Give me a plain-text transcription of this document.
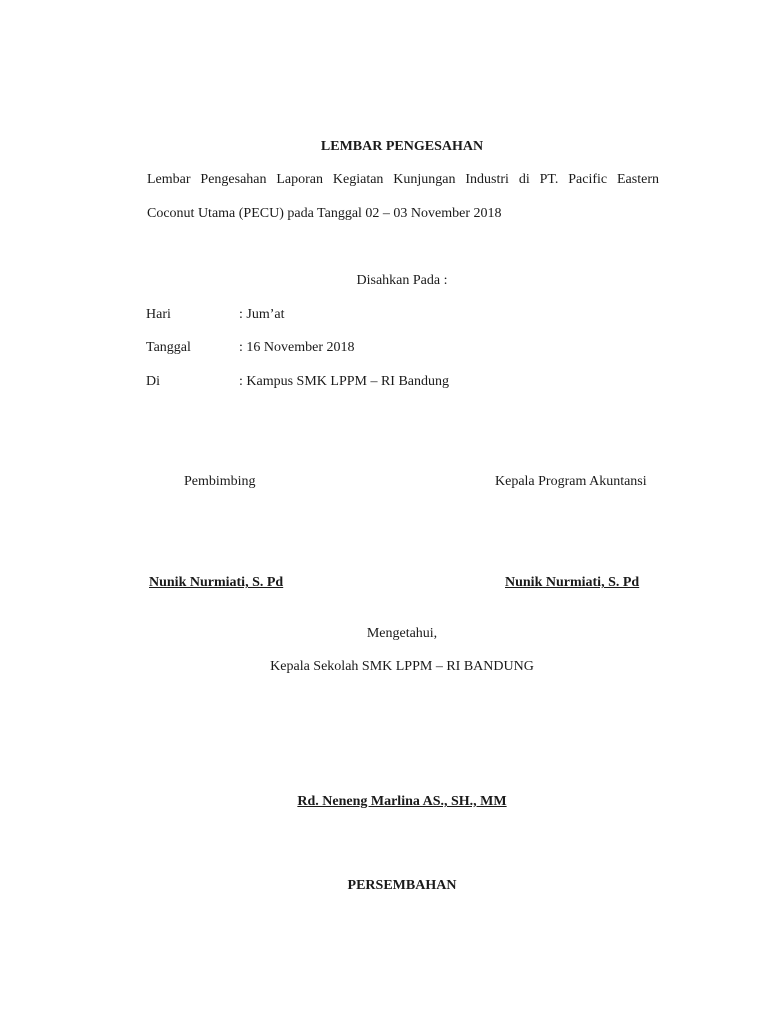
LEMBAR PENGESAHAN
Lembar Pengesahan Laporan Kegiatan Kunjungan Industri di PT. Pacific Eastern
Coconut Utama (PECU) pada Tanggal 02 – 03 November 2018
Disahkan Pada :
Hari	: Jum’at
Tanggal	: 16 November 2018
Di	: Kampus SMK LPPM – RI Bandung
Pembimbing	Kepala Program Akuntansi
Nunik Nurmiati, S. Pd	Nunik Nurmiati, S. Pd
Mengetahui,
Kepala Sekolah SMK LPPM – RI BANDUNG
Rd. Neneng Marlina AS., SH., MM
PERSEMBAHAN
